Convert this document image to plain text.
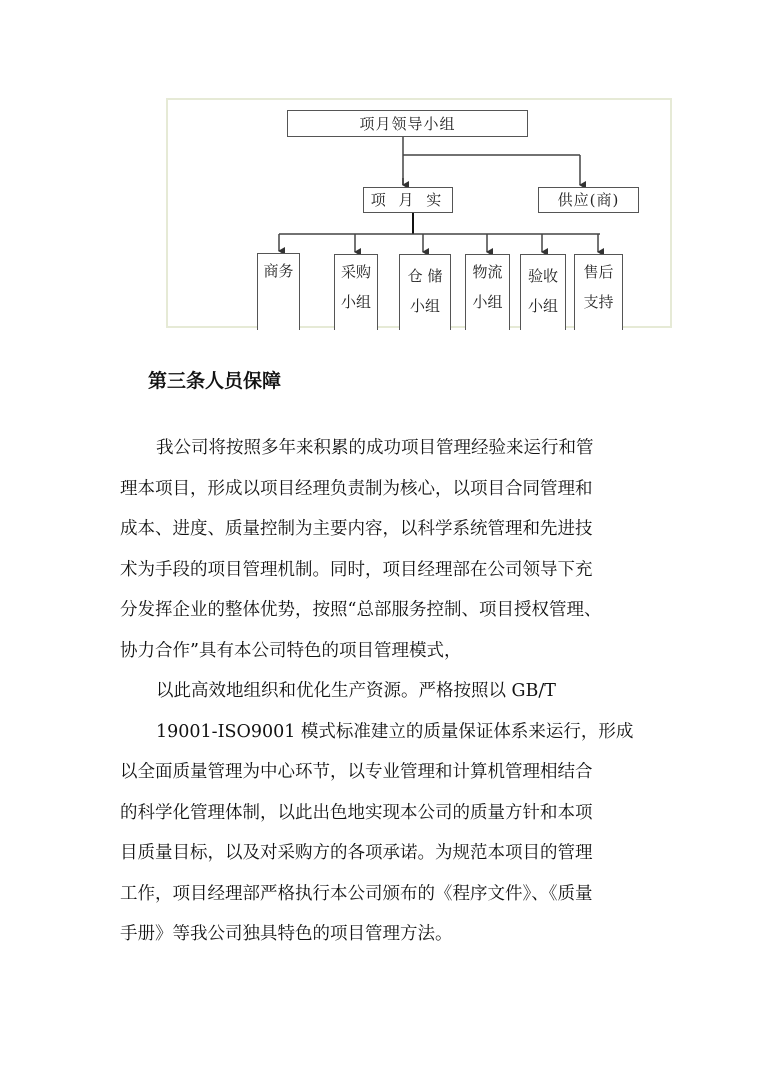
项月领导小组
项 月 实	供应(商)
商务	采购
小组
仓 储
小组
物流
小组
验收
小组
售后
支持
第三条人员保障
我公司将按照多年来积累的成功项目管理经验来运行和管
理本项目，形成以项目经理负责制为核心，以项目合同管理和
成本、进度、质量控制为主要内容，以科学系统管理和先进技
术为手段的项目管理机制。同时，项目经理部在公司领导下充
分发挥企业的整体优势，按照“总部服务控制、项目授权管理、
协力合作”具有本公司特色的项目管理模式，
以此高效地组织和优化生产资源。严格按照以 GB/T
19001-ISO9001 模式标准建立的质量保证体系来运行，形成
以全面质量管理为中心环节，以专业管理和计算机管理相结合
的科学化管理体制，以此出色地实现本公司的质量方针和本项
目质量目标，以及对采购方的各项承诺。为规范本项目的管理
工作，项目经理部严格执行本公司颁布的《程序文件》、《质量
手册》等我公司独具特色的项目管理方法。
